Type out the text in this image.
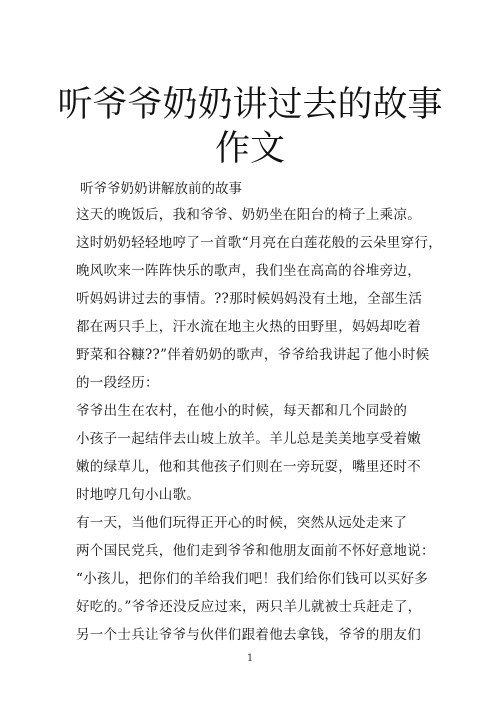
听爷爷奶奶讲过去的故事
作文
听爷爷奶奶讲解放前的故事
这天的晚饭后，我和爷爷、奶奶坐在阳台的椅子上乘凉。
这时奶奶轻轻地哼了一首歌“月亮在白莲花般的云朵里穿行，
晚风吹来一阵阵快乐的歌声，我们坐在高高的谷堆旁边，
听妈妈讲过去的事情。??那时候妈妈没有土地，全部生活
都在两只手上，汗水流在地主火热的田野里，妈妈却吃着
野菜和谷糠??”伴着奶奶的歌声，爷爷给我讲起了他小时候
的一段经历：
爷爷出生在农村，在他小的时候，每天都和几个同龄的
小孩子一起结伴去山坡上放羊。羊儿总是美美地享受着嫩
嫩的绿草儿，他和其他孩子们则在一旁玩耍，嘴里还时不
时地哼几句小山歌。
有一天，当他们玩得正开心的时候，突然从远处走来了
两个国民党兵，他们走到爷爷和他朋友面前不怀好意地说：
“小孩儿，把你们的羊给我们吧！我们给你们钱可以买好多
好吃的。”爷爷还没反应过来，两只羊儿就被士兵赶走了，
另一个士兵让爷爷与伙伴们跟着他去拿钱，爷爷的朋友们
1
